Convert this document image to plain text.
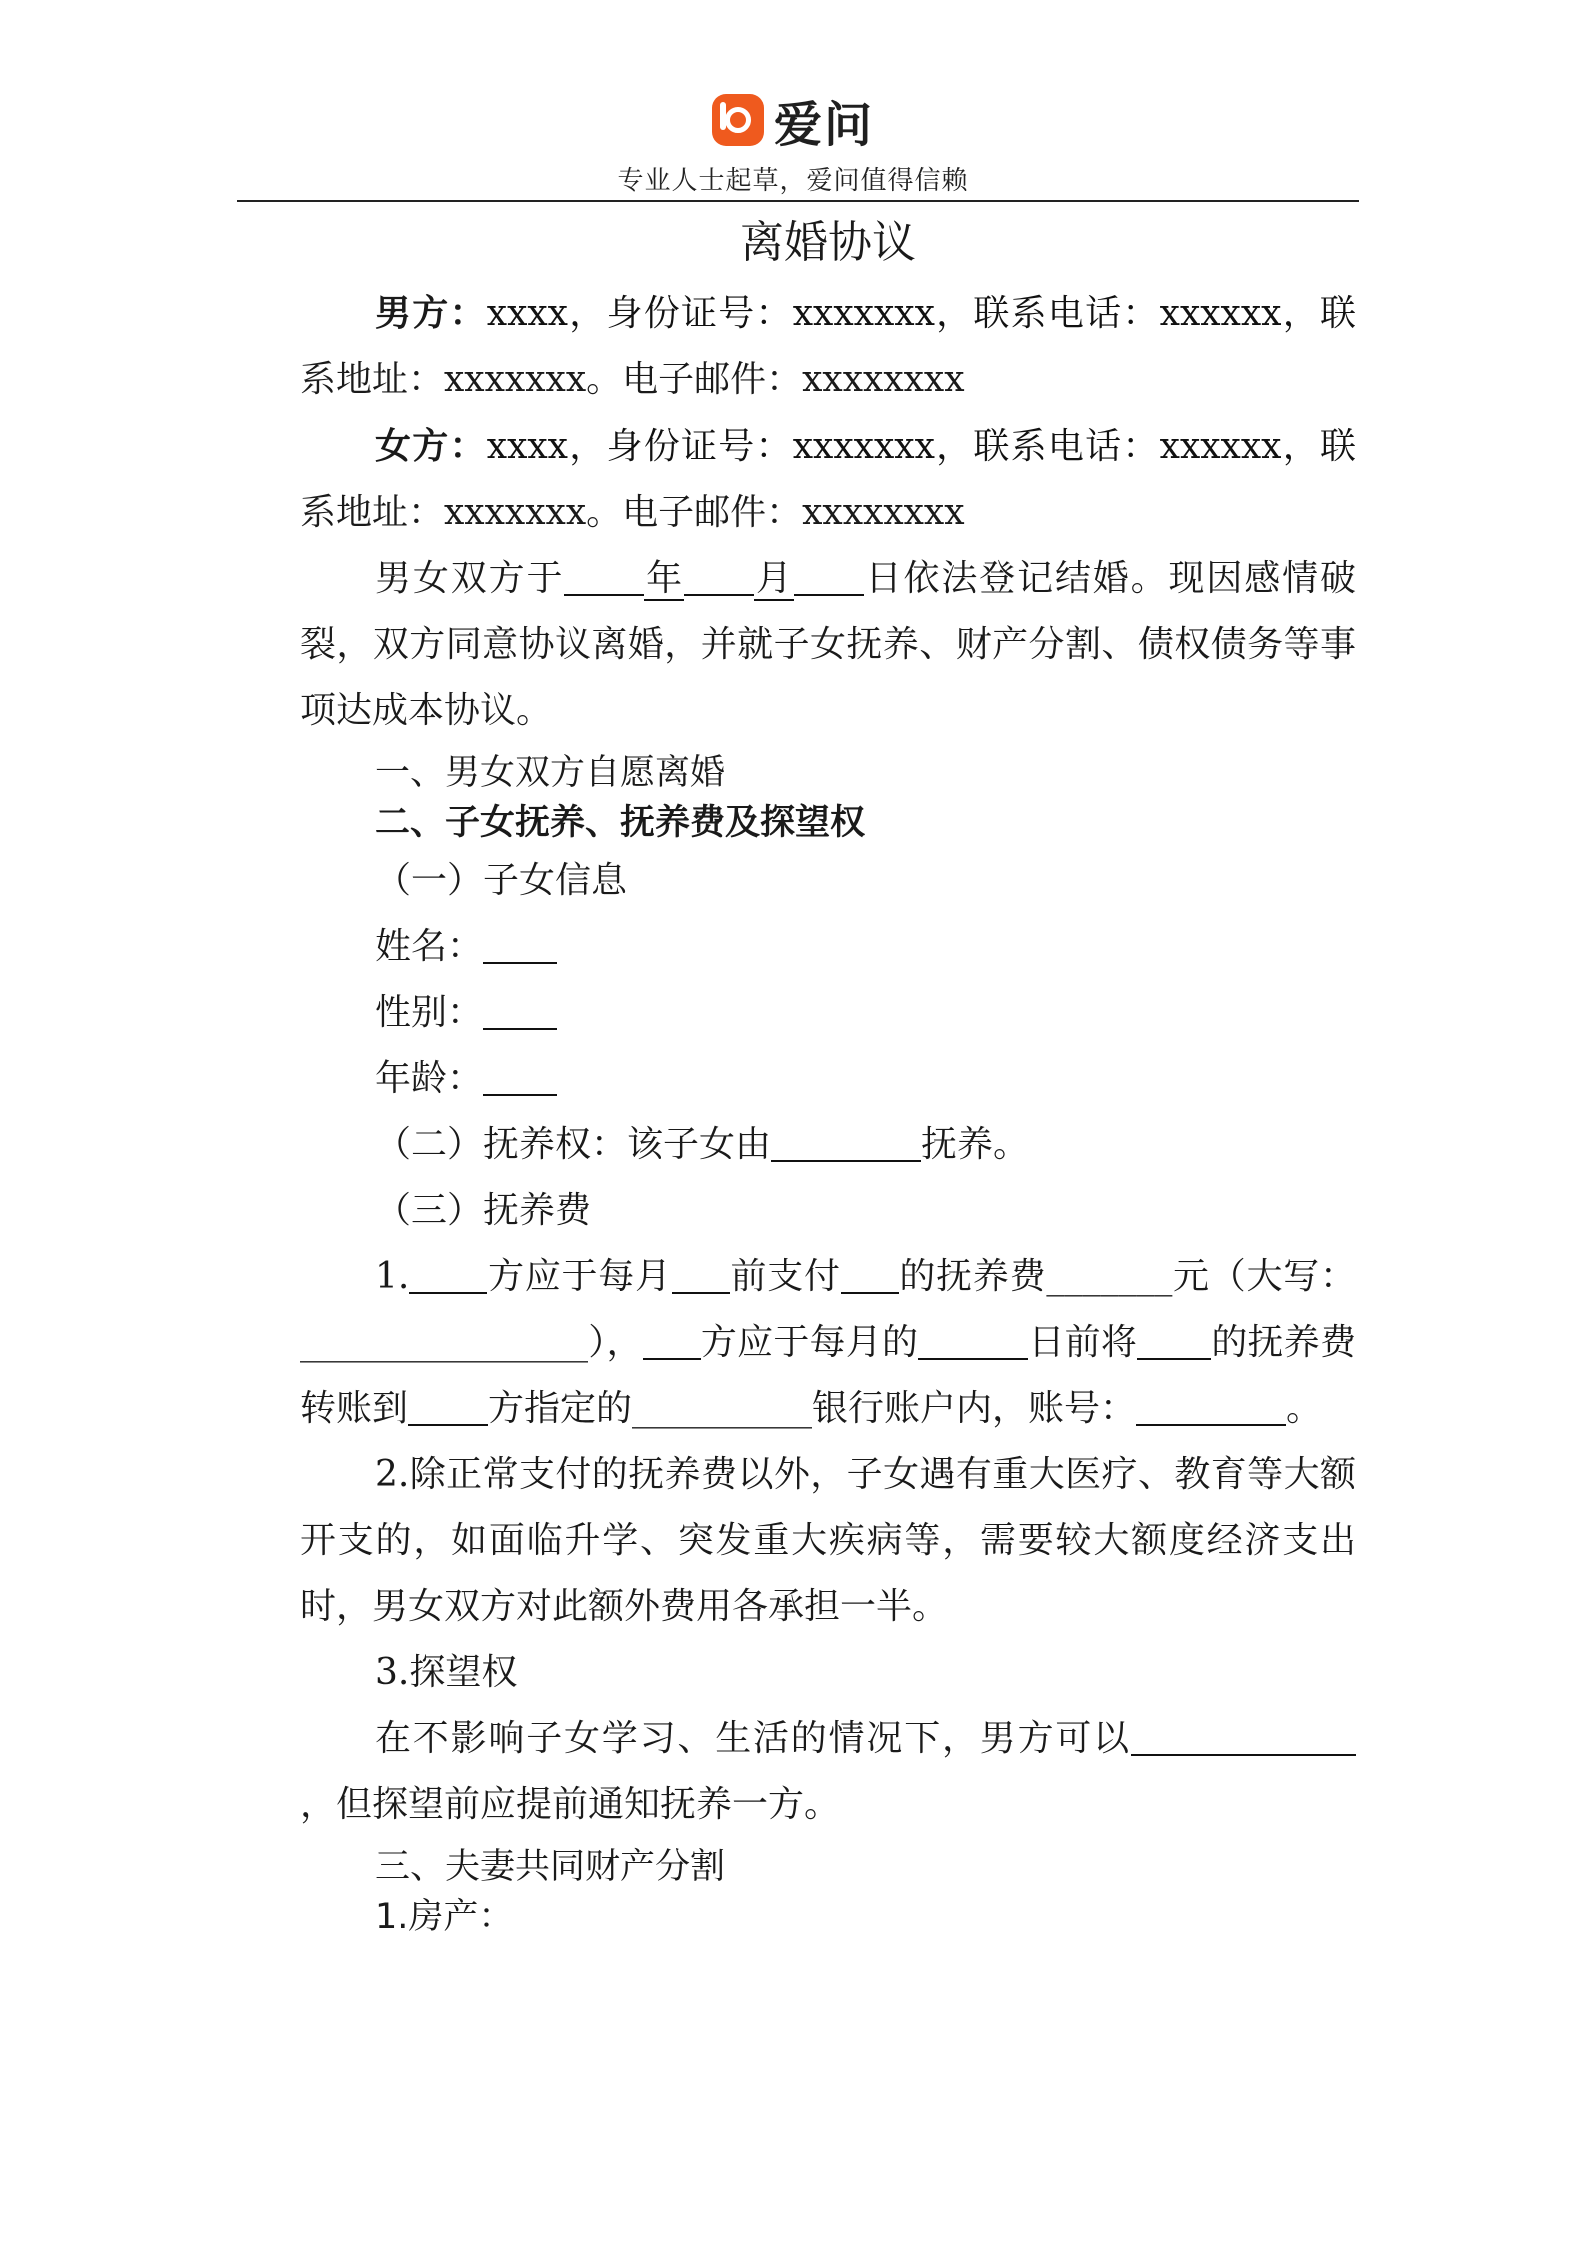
爱问
专业人士起草，爱问值得信赖
离婚协议

男方：xxxx，身份证号：xxxxxxx，联系电话：xxxxxx，联系地址：xxxxxxx。电子邮件：xxxxxxxx

女方：xxxx，身份证号：xxxxxxx，联系电话：xxxxxx，联系地址：xxxxxxx。电子邮件：xxxxxxxx

男女双方于 年 月 日依法登记结婚。现因感情破裂，双方同意协议离婚，并就子女抚养、财产分割、债权债务等事项达成本协议。

一、男女双方自愿离婚
二、子女抚养、抚养费及探望权

（一）子女信息

姓名：

性别：

年龄：

（二）抚养权：该子女由	抚养。

（三）抚养费

1. 方应于每月 前支付 的抚养费_______元（大写：________________）， 方应于每月的	日前将 的抚养费转账到 方指定的__________银行账户内，账号：	。

2.除正常支付的抚养费以外，子女遇有重大医疗、教育等大额开支的，如面临升学、突发重大疾病等，需要较大额度经济支出时，男女双方对此额外费用各承担一半。

3.探望权

在不影响子女学习、生活的情况下，男方可以，但探望前应提前通知抚养一方。

三、夫妻共同财产分割
1.房产：
